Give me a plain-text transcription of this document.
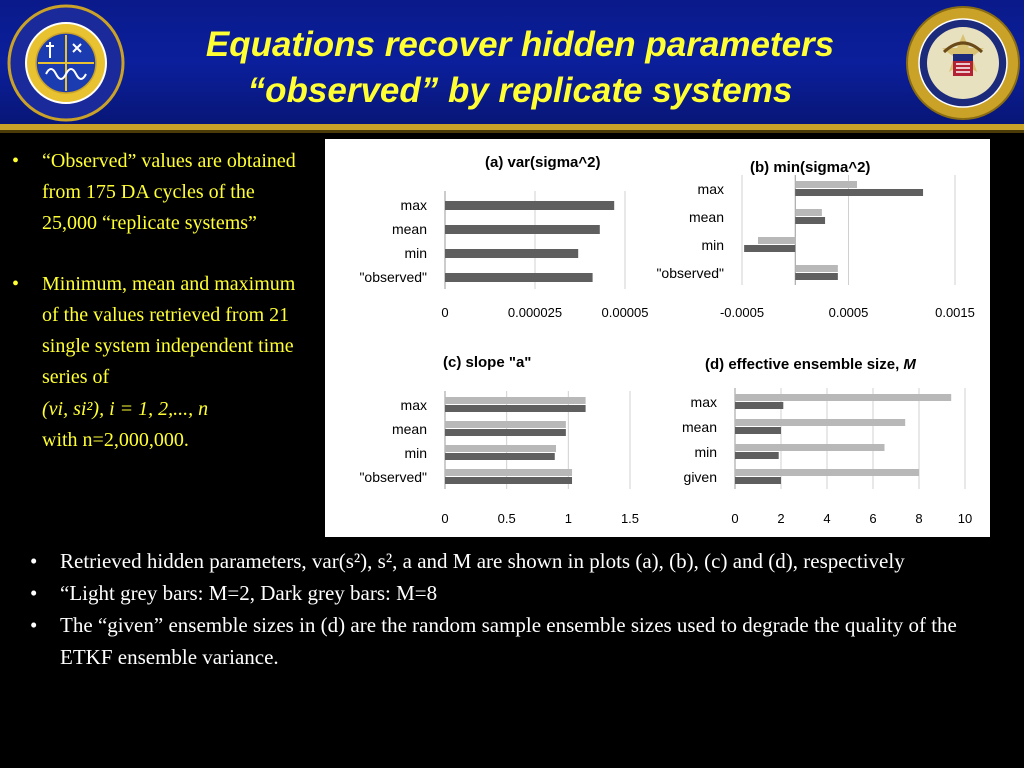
Equations recover hidden parameters
“observed” by replicate systems
• “Observed” values are obtained from 175 DA cycles of the 25,000 “replicate systems”
• Minimum, mean and maximum of the values retrieved from 21 single system independent time series of
(vi, si²), i = 1, 2,..., n
with n=2,000,000.
(a) var(sigma^2)
0	0.000025	0.00005
max
mean
min
"observed"
(b) min(sigma^2)
-0.0005	0.0005	0.0015
max
mean
min
"observed"
(c) slope "a"
0	0.5	1	1.5
max
mean
min
"observed"
(d) effective ensemble size, M
0	2	4	6	8	10
max
mean
min
given
• Retrieved hidden parameters, var(s²), s², a and M are shown in plots (a), (b), (c) and (d), respectively
• “Light grey bars: M=2, Dark grey bars: M=8
• The “given” ensemble sizes in (d) are the random sample ensemble sizes used to degrade the quality of the ETKF ensemble variance.
